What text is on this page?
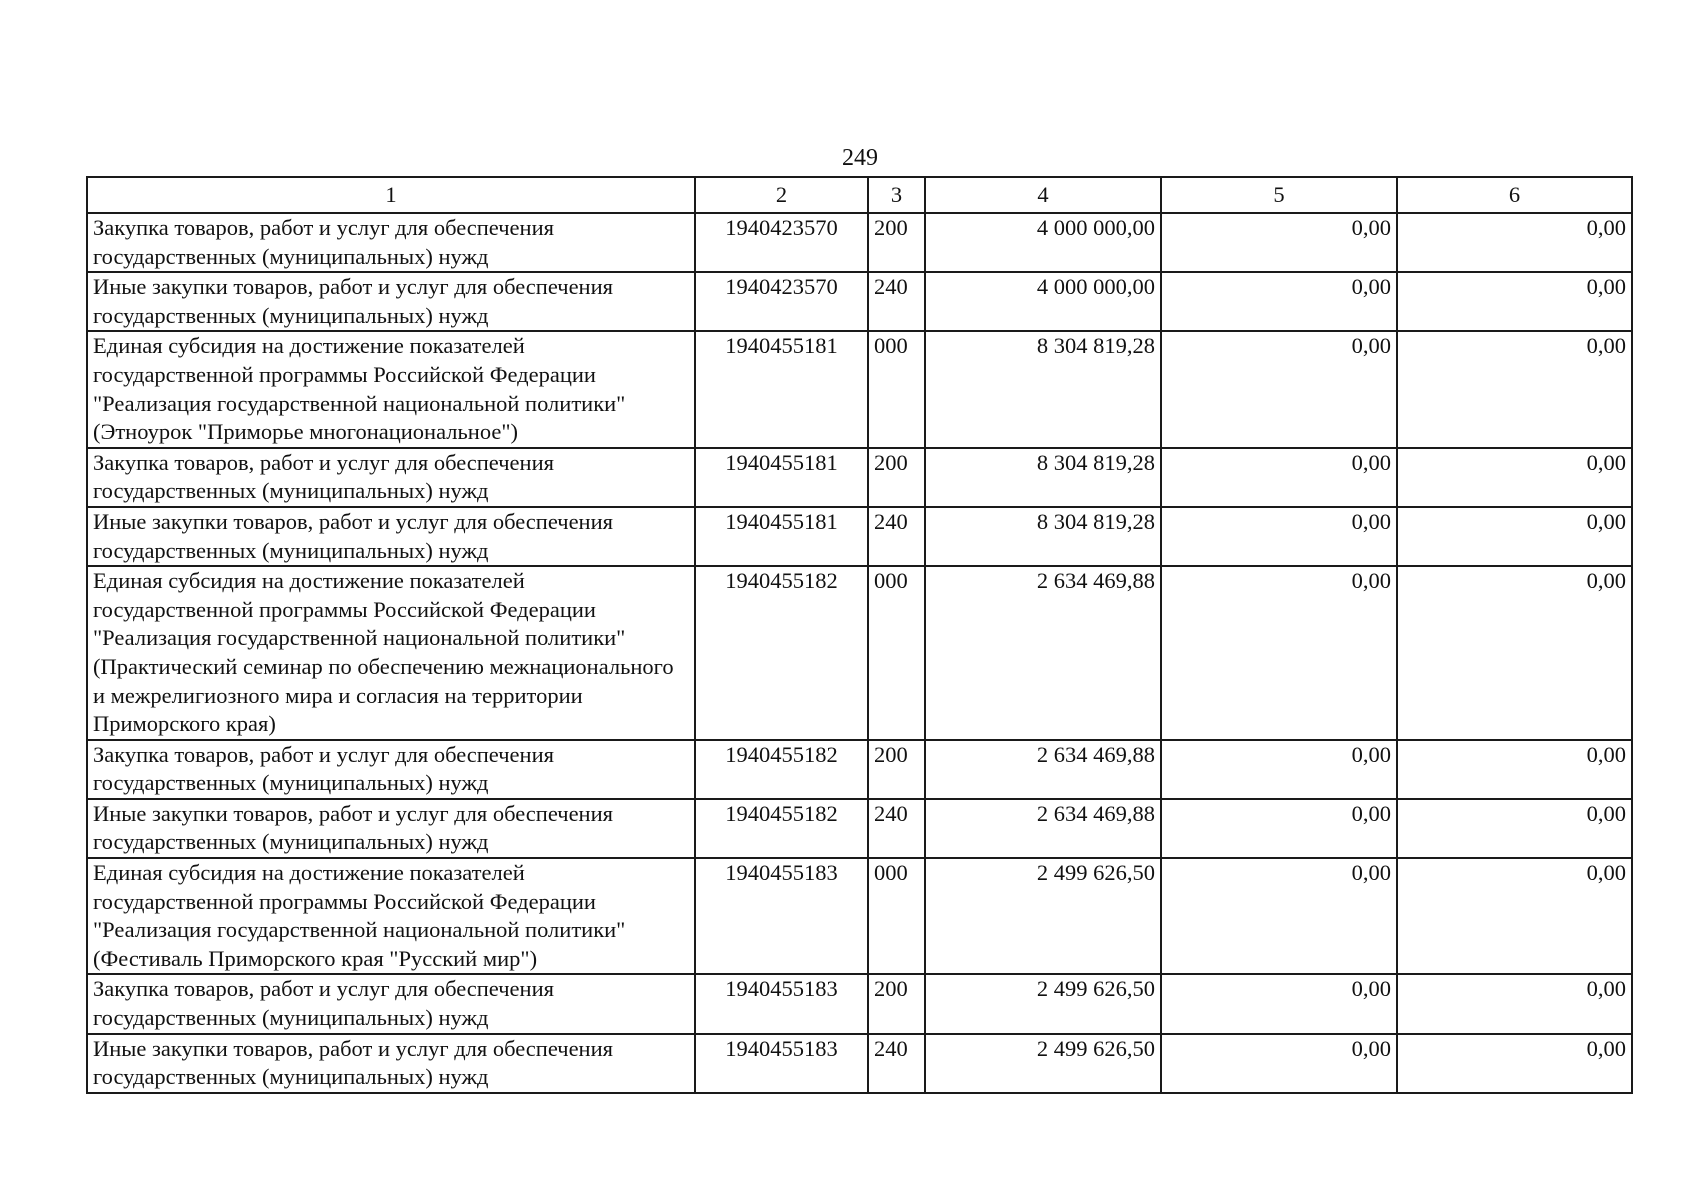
249
1	2	3	4	5	6
Закупка товаров, работ и услуг для обеспечения государственных (муниципальных) нужд	1940423570	200	4 000 000,00	0,00	0,00
Иные закупки товаров, работ и услуг для обеспечения государственных (муниципальных) нужд	1940423570	240	4 000 000,00	0,00	0,00
Единая субсидия на достижение показателей государственной программы Российской Федерации "Реализация государственной национальной политики" (Этноурок "Приморье многонациональное")	1940455181	000	8 304 819,28	0,00	0,00
Закупка товаров, работ и услуг для обеспечения государственных (муниципальных) нужд	1940455181	200	8 304 819,28	0,00	0,00
Иные закупки товаров, работ и услуг для обеспечения государственных (муниципальных) нужд	1940455181	240	8 304 819,28	0,00	0,00
Единая субсидия на достижение показателей государственной программы Российской Федерации "Реализация государственной национальной политики" (Практический семинар по обеспечению межнационального и межрелигиозного мира и согласия на территории Приморского края)	1940455182	000	2 634 469,88	0,00	0,00
Закупка товаров, работ и услуг для обеспечения государственных (муниципальных) нужд	1940455182	200	2 634 469,88	0,00	0,00
Иные закупки товаров, работ и услуг для обеспечения государственных (муниципальных) нужд	1940455182	240	2 634 469,88	0,00	0,00
Единая субсидия на достижение показателей государственной программы Российской Федерации "Реализация государственной национальной политики" (Фестиваль Приморского края "Русский мир")	1940455183	000	2 499 626,50	0,00	0,00
Закупка товаров, работ и услуг для обеспечения государственных (муниципальных) нужд	1940455183	200	2 499 626,50	0,00	0,00
Иные закупки товаров, работ и услуг для обеспечения государственных (муниципальных) нужд	1940455183	240	2 499 626,50	0,00	0,00
